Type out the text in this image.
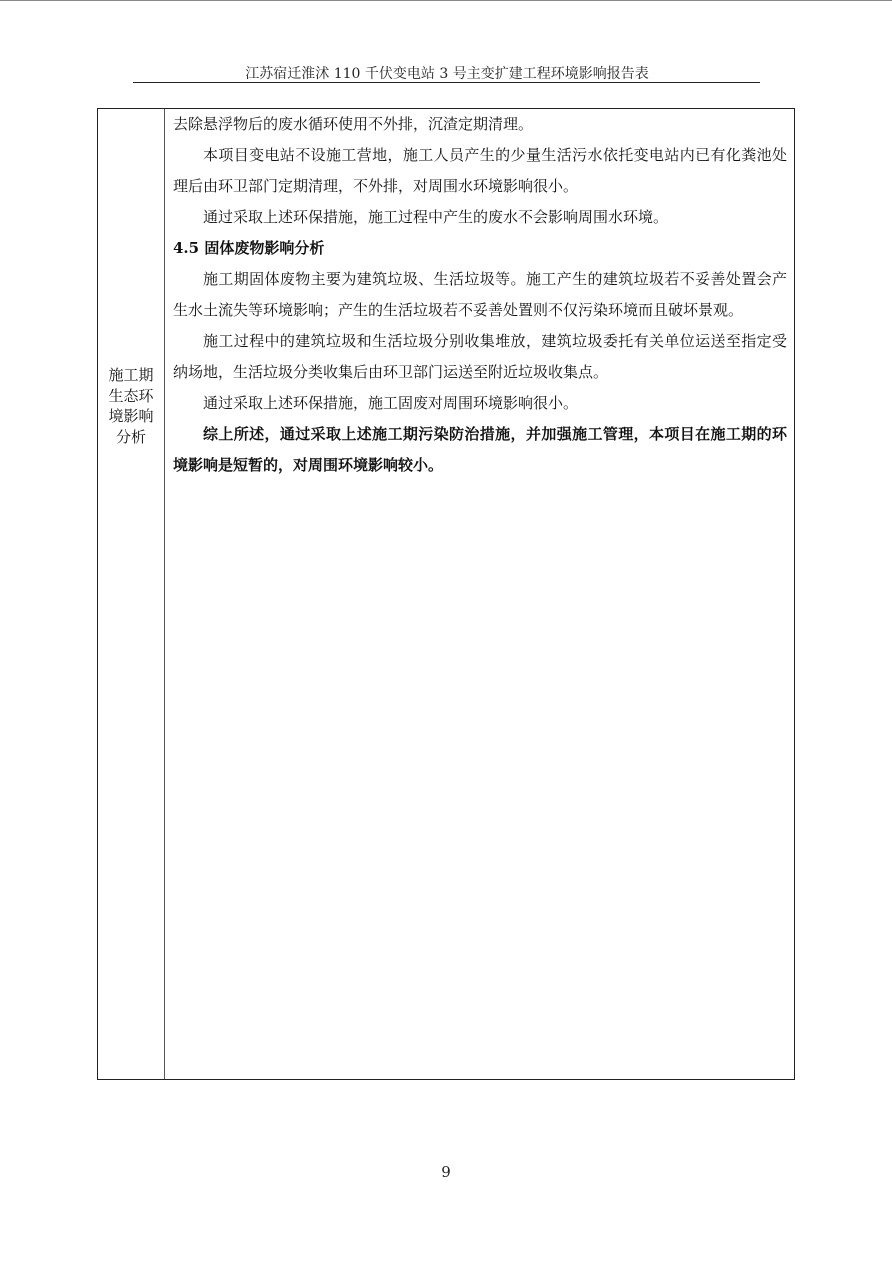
江苏宿迁淮沭 110 千伏变电站 3 号主变扩建工程环境影响报告表
施工期
生态环
境影响
分析

去除悬浮物后的废水循环使用不外排，沉渣定期清理。

本项目变电站不设施工营地，施工人员产生的少量生活污水依托变电站内已有化粪池处理后由环卫部门定期清理，不外排，对周围水环境影响很小。

通过采取上述环保措施，施工过程中产生的废水不会影响周围水环境。

4.5 固体废物影响分析

施工期固体废物主要为建筑垃圾、生活垃圾等。施工产生的建筑垃圾若不妥善处置会产生水土流失等环境影响；产生的生活垃圾若不妥善处置则不仅污染环境而且破坏景观。

施工过程中的建筑垃圾和生活垃圾分别收集堆放，建筑垃圾委托有关单位运送至指定受纳场地，生活垃圾分类收集后由环卫部门运送至附近垃圾收集点。

通过采取上述环保措施，施工固废对周围环境影响很小。

综上所述，通过采取上述施工期污染防治措施，并加强施工管理，本项目在施工期的环境影响是短暂的，对周围环境影响较小。

9
